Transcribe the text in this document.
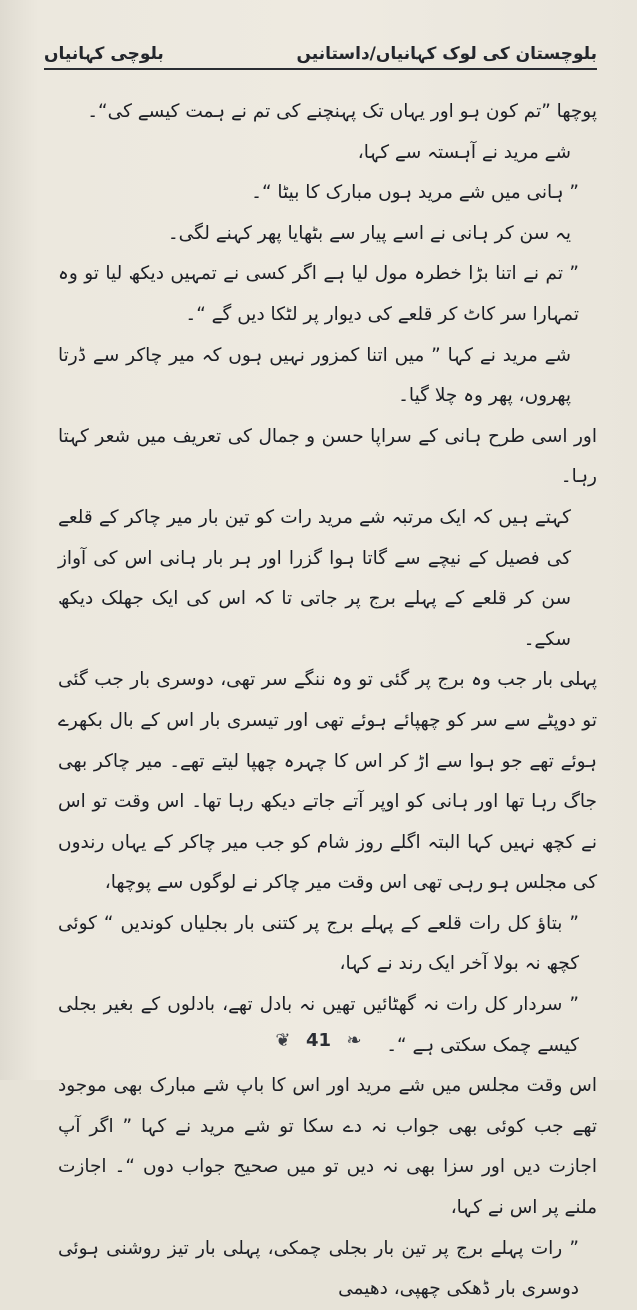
بلوچستان کی لوک کہانیاں/داستانیں
بلوچی کہانیاں

پوچھا ”تم کون ہو اور یہاں تک پہنچنے کی تم نے ہمت کیسے کی“۔

شے مرید نے آہستہ سے کہا،

” ہانی میں شے مرید ہوں مبارک کا بیٹا “۔

یہ سن کر ہانی نے اسے پیار سے بٹھایا پھر کہنے لگی۔

” تم نے اتنا بڑا خطرہ مول لیا ہے اگر کسی نے تمہیں دیکھ لیا تو وہ تمہارا سر کاٹ کر قلعے کی دیوار پر لٹکا دیں گے “۔

شے مرید نے کہا ” میں اتنا کمزور نہیں ہوں کہ میر چاکر سے ڈرتا پھروں، پھر وہ چلا گیا۔

اور اسی طرح ہانی کے سراپا حسن و جمال کی تعریف میں شعر کہتا رہا۔

کہتے ہیں کہ ایک مرتبہ شے مرید رات کو تین بار میر چاکر کے قلعے کی فصیل کے نیچے سے گاتا ہوا گزرا اور ہر بار ہانی اس کی آواز سن کر قلعے کے پہلے برج پر جاتی تا کہ اس کی ایک جھلک دیکھ سکے۔

پہلی بار جب وہ برج پر گئی تو وہ ننگے سر تھی، دوسری بار جب گئی تو دوپٹے سے سر کو چھپائے ہوئے تھی اور تیسری بار اس کے بال بکھرے ہوئے تھے جو ہوا سے اڑ کر اس کا چہرہ چھپا لیتے تھے۔ میر چاکر بھی جاگ رہا تھا اور ہانی کو اوپر آتے جاتے دیکھ رہا تھا۔ اس وقت تو اس نے کچھ نہیں کہا البتہ اگلے روز شام کو جب میر چاکر کے یہاں رندوں کی مجلس ہو رہی تھی اس وقت میر چاکر نے لوگوں سے پوچھا،

” بتاؤ کل رات قلعے کے پہلے برج پر کتنی بار بجلیاں کوندیں “ کوئی کچھ نہ بولا آخر ایک رند نے کہا،

” سردار کل رات نہ گھٹائیں تھیں نہ بادل تھے، بادلوں کے بغیر بجلی کیسے چمک سکتی ہے “۔

اس وقت مجلس میں شے مرید اور اس کا باپ شے مبارک بھی موجود تھے جب کوئی بھی جواب نہ دے سکا تو شے مرید نے کہا ” اگر آپ اجازت دیں اور سزا بھی نہ دیں تو میں صحیح جواب دوں “۔ اجازت ملنے پر اس نے کہا،

” رات پہلے برج پر تین بار بجلی چمکی، پہلی بار تیز روشنی ہوئی دوسری بار ڈھکی چھپی، دھیمی

❦ 41 ❧
